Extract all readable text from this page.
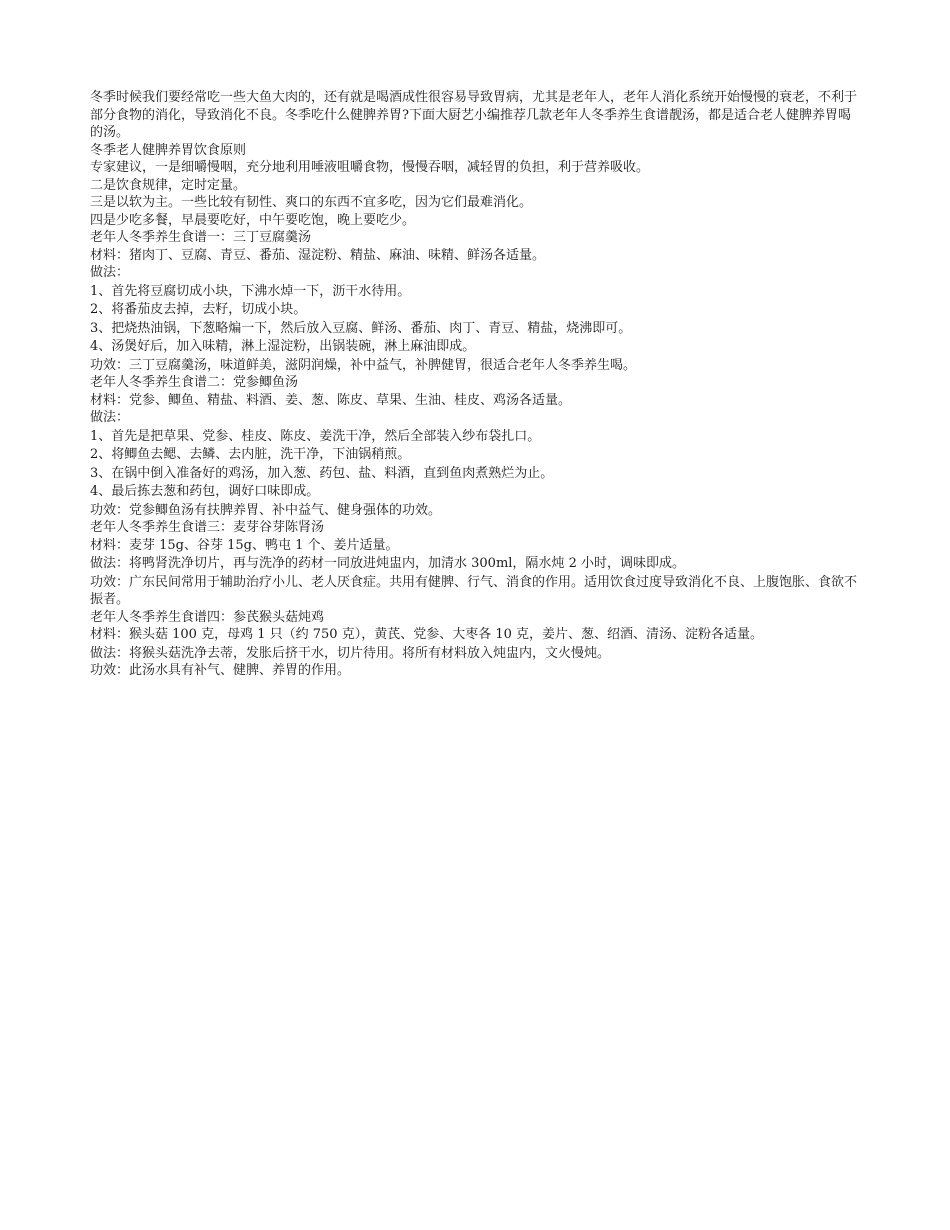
冬季时候我们要经常吃一些大鱼大肉的，还有就是喝酒成性很容易导致胃病，尤其是老年人，老年人消化系统开始慢慢的衰老，不利于部分食物的消化，导致消化不良。冬季吃什么健脾养胃?下面大厨艺小编推荐几款老年人冬季养生食谱靓汤，都是适合老人健脾养胃喝的汤。

冬季老人健脾养胃饮食原则

专家建议，一是细嚼慢咽，充分地利用唾液咀嚼食物，慢慢吞咽，减轻胃的负担，利于营养吸收。

二是饮食规律，定时定量。

三是以软为主。一些比较有韧性、爽口的东西不宜多吃，因为它们最难消化。

四是少吃多餐，早晨要吃好，中午要吃饱，晚上要吃少。

老年人冬季养生食谱一：三丁豆腐羹汤

材料：猪肉丁、豆腐、青豆、番茄、湿淀粉、精盐、麻油、味精、鲜汤各适量。

做法：

1、首先将豆腐切成小块，下沸水焯一下，沥干水待用。

2、将番茄皮去掉，去籽，切成小块。

3、把烧热油锅，下葱略煸一下，然后放入豆腐、鲜汤、番茄、肉丁、青豆、精盐，烧沸即可。

4、汤煲好后，加入味精，淋上湿淀粉，出锅装碗，淋上麻油即成。

功效：三丁豆腐羹汤，味道鲜美，滋阴润燥，补中益气，补脾健胃，很适合老年人冬季养生喝。

老年人冬季养生食谱二：党参鲫鱼汤

材料：党参、鲫鱼、精盐、料酒、姜、葱、陈皮、草果、生油、桂皮、鸡汤各适量。

做法：

1、首先是把草果、党参、桂皮、陈皮、姜洗干净，然后全部装入纱布袋扎口。

2、将鲫鱼去鳃、去鳞、去内脏，洗干净，下油锅稍煎。

3、在锅中倒入准备好的鸡汤，加入葱、药包、盐、料酒，直到鱼肉煮熟烂为止。

4、最后拣去葱和药包，调好口味即成。

功效：党参鲫鱼汤有扶脾养胃、补中益气、健身强体的功效。

老年人冬季养生食谱三：麦芽谷芽陈肾汤

材料：麦芽 15g、谷芽 15g、鸭屯 1 个、姜片适量。

做法：将鸭肾洗净切片，再与洗净的药材一同放进炖盅内，加清水 300ml，隔水炖 2 小时，调味即成。

功效：广东民间常用于辅助治疗小儿、老人厌食症。共用有健脾、行气、消食的作用。适用饮食过度导致消化不良、上腹饱胀、食欲不振者。

老年人冬季养生食谱四：参芪猴头菇炖鸡

材料：猴头菇 100 克，母鸡 1 只（约 750 克），黄芪、党参、大枣各 10 克，姜片、葱、绍酒、清汤、淀粉各适量。

做法：将猴头菇洗净去蒂，发胀后挤干水，切片待用。将所有材料放入炖盅内，文火慢炖。

功效：此汤水具有补气、健脾、养胃的作用。
